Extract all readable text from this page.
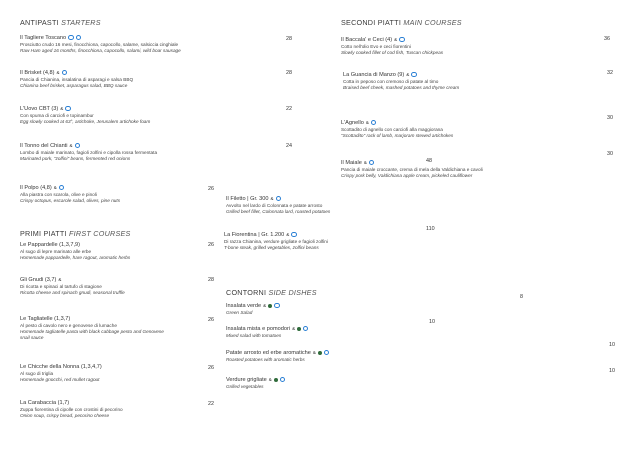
ANTIPASTI STARTERS
Il Tagliere Toscano
Prosciutto crudo 16 mesi, finocchiona, capocollo, salame, salsiccia cinghiale
Raw Ham aged 16 months, finocchiona, capocollo, salami, wild boar sausage
28
Il Brisket (4,8) &
Pancia di Chianina, insalatina di asparagi e salsa BBQ
Chianina beef brisket, asparagus salad, BBQ sauce
28
L'Uovo CBT (3) &
Con spuma di carciofi e topinambur
Egg slowly cooked at 63°, artichoke, Jerusalem artichoke foam
22
Il Tonno del Chianti &
Lombo di maiale marinato, fagioli zolfini e cipolla rossa fermentata
Marinated pork, "zolfini" beans, fermented red onions
24
Il Polpo (4,8) &
Alla piastra con scarola, olive e pinoli
Crispy octopus, escarole salad, olives, pine nuts
26
PRIMI PIATTI FIRST COURSES
Le Pappardelle (1,3,7,9)
Al sugo di lepre marinato alle erbe
Homemade pappardelle, hare ragout, aromatic herbs
26
Gli Gnudi (3,7) &
Di ricotta e spinaci al tartufo di stagione
Ricotta cheese and spinach gnudi, seasonal truffle
28
Le Tagliatelle (1,3,7)
Al pesto di cavolo nero e genovese di lumache
Homemade tagliatelle pasta with black cabbage pesto and Genovese
snail sauce
26
Le Chicche della Nonna (1,3,4,7)
Al sugo di triglia
Homemade gnocchi, red mullet ragout
26
La Carabaccia (1,7)
Zuppa fiorentina di cipolle con crostini di pecorino
Onion soup, crispy bread, pecorino cheese
22
SECONDI PIATTI MAIN COURSES
Il Baccala' e Ceci (4) &
Cotto nell'olio Evo e ceci fiorentini
Slowly cooked fillet of cod fish, Tuscan chickpeas
36
La Guancia di Manzo (9) &
Cotta in peposo con cremoso di patate al timo
Braised beef cheek, mashed potatoes and thyme cream
32
L'Agnello &
Scottadito di agnello con carciofi alla maggiorana
"Scottadito" rack of lamb, marjoram stewed artichokes
30
Il Maiale &
Pancia di maiale croccante, crema di mela della Valdichiana e cavoli
Crispy pork belly, Valdichiana apple cream, pickeled cauliflower
30
48
Il Filetto | Gr. 300 &
Avvolto nel lardo di Colonnata e patate arrosto
Grilled beef fillet, Colonnata lard, roasted potatoes
110
La Fiorentina | Gr. 1.200 &
Di razza Chianina, verdure grigliate e fagioli zolfini
T-bone steak, grilled vegetables, zolfini beans
CONTORNI SIDE DISHES
Insalata verde &
Green Salad
8
10
Insalata mista e pomodori &
Mixed salad with tomatoes
10
Patate arrosto ed erbe aromatiche &
Roasted potatoes with aromatic herbs
10
Verdure grigliate &
Grilled vegetables
